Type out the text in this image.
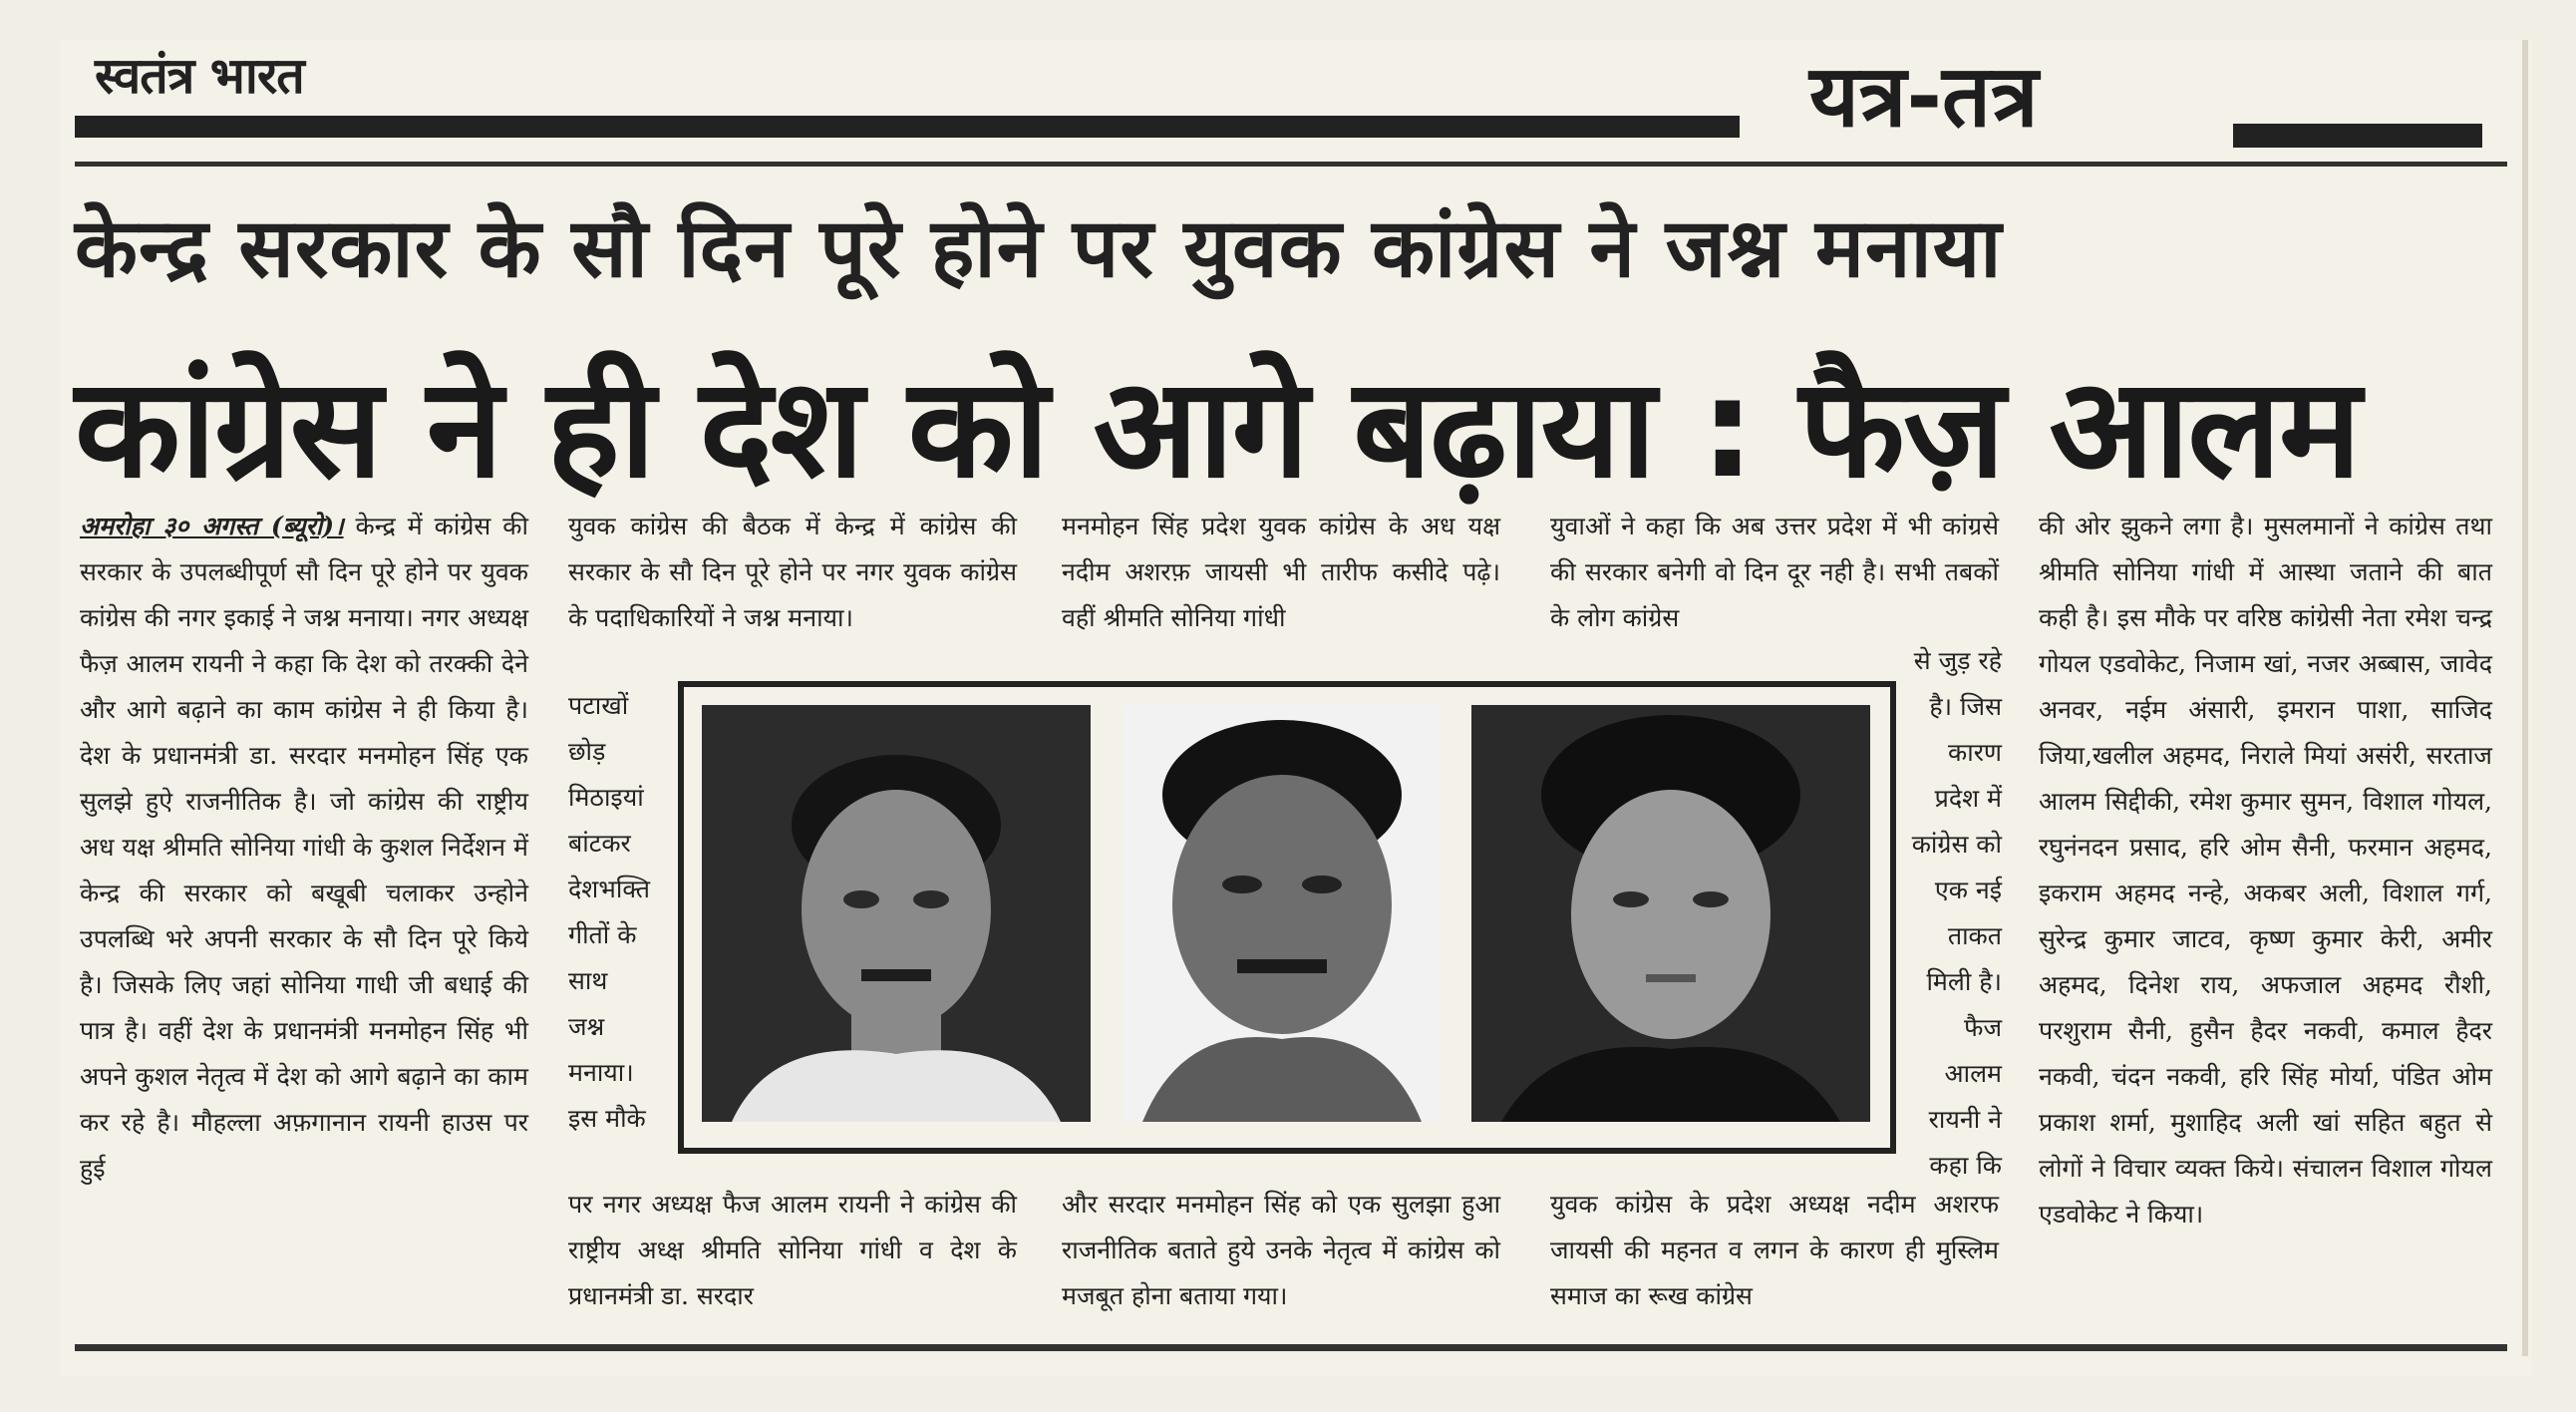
स्वतंत्र भारत	यत्र-तत्र
केन्द्र सरकार के सौ दिन पूरे होने पर युवक कांग्रेस ने जश्न मनाया
कांग्रेस ने ही देश को आगे बढ़ाया : फैज़ आलम
अमरोहा ३० अगस्त (ब्यूरो)। केन्द्र में कांग्रेस की सरकार के उपलब्धीपूर्ण सौ दिन पूरे होने पर युवक कांग्रेस की नगर इकाई ने जश्न मनाया। नगर अध्यक्ष फैज़ आलम रायनी ने कहा कि देश को तरक्की देने और आगे बढ़ाने का काम कांग्रेस ने ही किया है। देश के प्रधानमंत्री डा. सरदार मनमोहन सिंह एक सुलझे हुऐ राजनीतिक है। जो कांग्रेस की राष्ट्रीय अध यक्ष श्रीमति सोनिया गांधी के कुशल निर्देशन में केन्द्र की सरकार को बखूबी चलाकर उन्होने उपलब्धि भरे अपनी सरकार के सौ दिन पूरे किये है। जिसके लिए जहां सोनिया गाधी जी बधाई की पात्र है। वहीं देश के प्रधानमंत्री मनमोहन सिंह भी अपने कुशल नेतृत्व में देश को आगे बढ़ाने का काम कर रहे है। मौहल्ला अफ़गानान रायनी हाउस पर हुई
युवक कांग्रेस की बैठक में केन्द्र में कांग्रेस की सरकार के सौ दिन पूरे होने पर नगर युवक कांग्रेस के पदाधिकारियों ने जश्न मनाया।
पटाखों
छोड़
मिठाइयां
बांटकर
देशभक्ति
गीतों के
साथ
जश्न
मनाया।
इस मौके
पर नगर अध्यक्ष फैज आलम रायनी ने कांग्रेस की राष्ट्रीय अध्क्ष श्रीमति सोनिया गांधी व देश के प्रधानमंत्री डा. सरदार
मनमोहन सिंह प्रदेश युवक कांग्रेस के अध यक्ष नदीम अशरफ़ जायसी भी तारीफ कसीदे पढ़े। वहीं श्रीमति सोनिया गांधी
और सरदार मनमोहन सिंह को एक सुलझा हुआ राजनीतिक बताते हुये उनके नेतृत्व में कांग्रेस को मजबूत होना बताया गया।
युवाओं ने कहा कि अब उत्तर प्रदेश में भी कांग्रसे की सरकार बनेगी वो दिन दूर नही है। सभी तबकों के लोग कांग्रेस
से जुड़ रहे
है। जिस
कारण
प्रदेश में
कांग्रेस को
एक नई
ताकत
मिली है।
फैज
आलम
रायनी ने
कहा कि
युवक कांग्रेस के प्रदेश अध्यक्ष नदीम अशरफ जायसी की महनत व लगन के कारण ही मुस्लिम समाज का रूख कांग्रेस
की ओर झुकने लगा है। मुसलमानों ने कांग्रेस तथा श्रीमति सोनिया गांधी में आस्था जताने की बात कही है। इस मौके पर वरिष्ठ कांग्रेसी नेता रमेश चन्द्र गोयल एडवोकेट, निजाम खां, नजर अब्बास, जावेद अनवर, नईम अंसारी, इमरान पाशा, साजिद जिया,खलील अहमद, निराले मियां असंरी, सरताज आलम सिद्दीकी, रमेश कुमार सुमन, विशाल गोयल, रघुनंनदन प्रसाद, हरि ओम सैनी, फरमान अहमद, इकराम अहमद नन्हे, अकबर अली, विशाल गर्ग, सुरेन्द्र कुमार जाटव, कृष्ण कुमार केरी, अमीर अहमद, दिनेश राय, अफजाल अहमद रौशी, परशुराम सैनी, हुसैन हैदर नकवी, कमाल हैदर नकवी, चंदन नकवी, हरि सिंह मोर्या, पंडित ओम प्रकाश शर्मा, मुशाहिद अली खां सहित बहुत से लोगों ने विचार व्यक्त किये। संचालन विशाल गोयल एडवोकेट ने किया।
